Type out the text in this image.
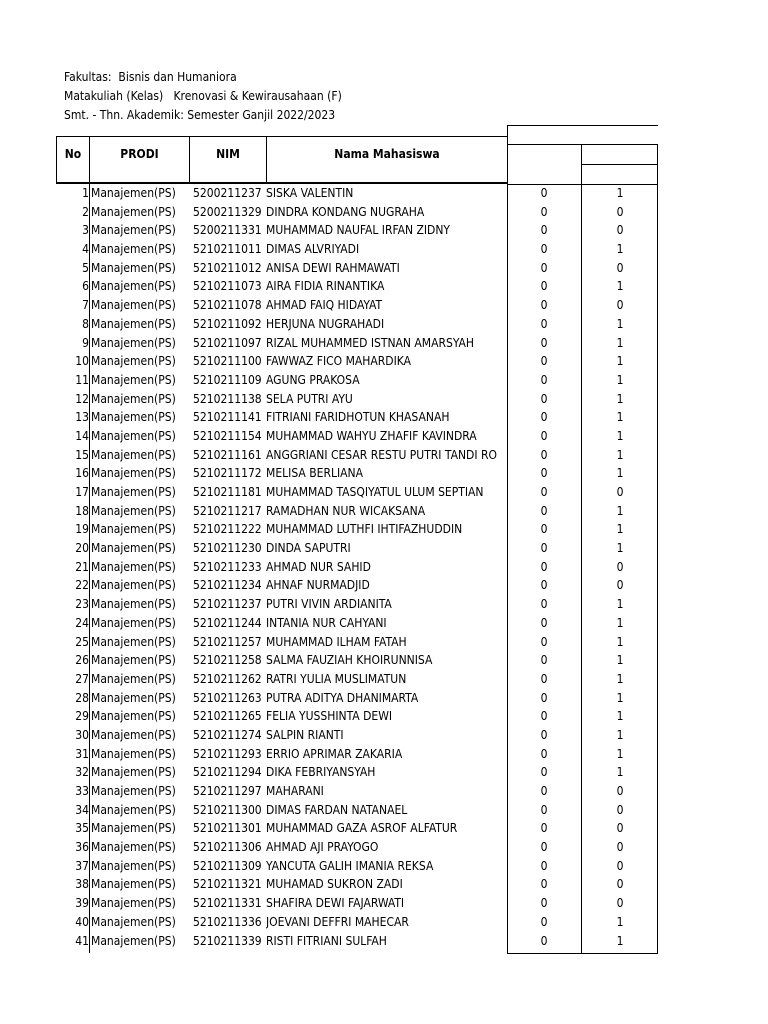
Fakultas:  Bisnis dan Humaniora
Matakuliah (Kelas)   Krenovasi & Kewirausahaan (F)
Smt. - Thn. Akademik: Semester Ganjil 2022/2023
No	PRODI	NIM	Nama Mahasiswa
1 Manajemen(PS) 5200211237 SISKA VALENTIN	0	1
2 Manajemen(PS) 5200211329 DINDRA KONDANG NUGRAHA	0	0
3 Manajemen(PS) 5200211331 MUHAMMAD NAUFAL IRFAN ZIDNY	0	0
4 Manajemen(PS) 5210211011 DIMAS ALVRIYADI	0	1
5 Manajemen(PS) 5210211012 ANISA DEWI RAHMAWATI	0	0
6 Manajemen(PS) 5210211073 AIRA FIDIA RINANTIKA	0	1
7 Manajemen(PS) 5210211078 AHMAD FAIQ HIDAYAT	0	0
8 Manajemen(PS) 5210211092 HERJUNA NUGRAHADI	0	1
9 Manajemen(PS) 5210211097 RIZAL MUHAMMED ISTNAN AMARSYAH	0	1
10 Manajemen(PS) 5210211100 FAWWAZ FICO MAHARDIKA	0	1
11 Manajemen(PS) 5210211109 AGUNG PRAKOSA	0	1
12 Manajemen(PS) 5210211138 SELA PUTRI AYU	0	1
13 Manajemen(PS) 5210211141 FITRIANI FARIDHOTUN KHASANAH	0	1
14 Manajemen(PS) 5210211154 MUHAMMAD WAHYU ZHAFIF KAVINDRA	0	1
15 Manajemen(PS) 5210211161 ANGGRIANI CESAR RESTU PUTRI TANDI RO	0	1
16 Manajemen(PS) 5210211172 MELISA BERLIANA	0	1
17 Manajemen(PS) 5210211181 MUHAMMAD TASQIYATUL ULUM SEPTIAN	0	0
18 Manajemen(PS) 5210211217 RAMADHAN NUR WICAKSANA	0	1
19 Manajemen(PS) 5210211222 MUHAMMAD LUTHFI IHTIFAZHUDDIN	0	1
20 Manajemen(PS) 5210211230 DINDA SAPUTRI	0	1
21 Manajemen(PS) 5210211233 AHMAD NUR SAHID	0	0
22 Manajemen(PS) 5210211234 AHNAF NURMADJID	0	0
23 Manajemen(PS) 5210211237 PUTRI VIVIN ARDIANITA	0	1
24 Manajemen(PS) 5210211244 INTANIA NUR CAHYANI	0	1
25 Manajemen(PS) 5210211257 MUHAMMAD ILHAM FATAH	0	1
26 Manajemen(PS) 5210211258 SALMA FAUZIAH KHOIRUNNISA	0	1
27 Manajemen(PS) 5210211262 RATRI YULIA MUSLIMATUN	0	1
28 Manajemen(PS) 5210211263 PUTRA ADITYA DHANIMARTA	0	1
29 Manajemen(PS) 5210211265 FELIA YUSSHINTA DEWI	0	1
30 Manajemen(PS) 5210211274 SALPIN RIANTI	0	1
31 Manajemen(PS) 5210211293 ERRIO APRIMAR ZAKARIA	0	1
32 Manajemen(PS) 5210211294 DIKA FEBRIYANSYAH	0	1
33 Manajemen(PS) 5210211297 MAHARANI	0	0
34 Manajemen(PS) 5210211300 DIMAS FARDAN NATANAEL	0	0
35 Manajemen(PS) 5210211301 MUHAMMAD GAZA ASROF ALFATUR	0	0
36 Manajemen(PS) 5210211306 AHMAD AJI PRAYOGO	0	0
37 Manajemen(PS) 5210211309 YANCUTA GALIH IMANIA REKSA	0	0
38 Manajemen(PS) 5210211321 MUHAMAD SUKRON ZADI	0	0
39 Manajemen(PS) 5210211331 SHAFIRA DEWI FAJARWATI	0	0
40 Manajemen(PS) 5210211336 JOEVANI DEFFRI MAHECAR	0	1
41 Manajemen(PS) 5210211339 RISTI FITRIANI SULFAH	0	1
